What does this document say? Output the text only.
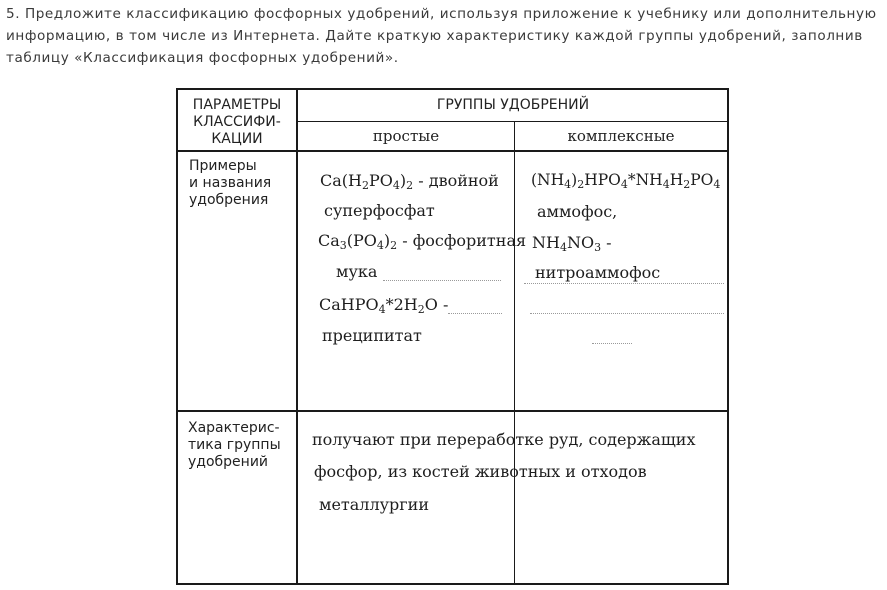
5. Предложите классификацию фосфорных удобрений, используя приложение к учебнику или дополнительную информацию, в том числе из Интернета. Дайте краткую характеристику каждой группы удобрений, заполнив таблицу «Классификация фосфорных удобрений».

ПАРАМЕТРЫ
КЛАССИФИ-
КАЦИИ
ГРУППЫ УДОБРЕНИЙ
простые	комплексные
Примеры
и названия
удобрения
Характерис-
тика группы
удобрений
$Ca(H_2PO_4)_2$ - двойной
суперфосфат
$Ca_3(PO_4)_2$ - фосфоритная
мука
$CaHPO_4*2H_2O$ -
преципитат
$(NH_4)_2HPO_4*NH_4H_2PO_4$
аммофос,
$NH_4NO_3$ -
нитроаммофос
получают при переработке руд, содержащих
фосфор, из костей животных и отходов
металлургии
